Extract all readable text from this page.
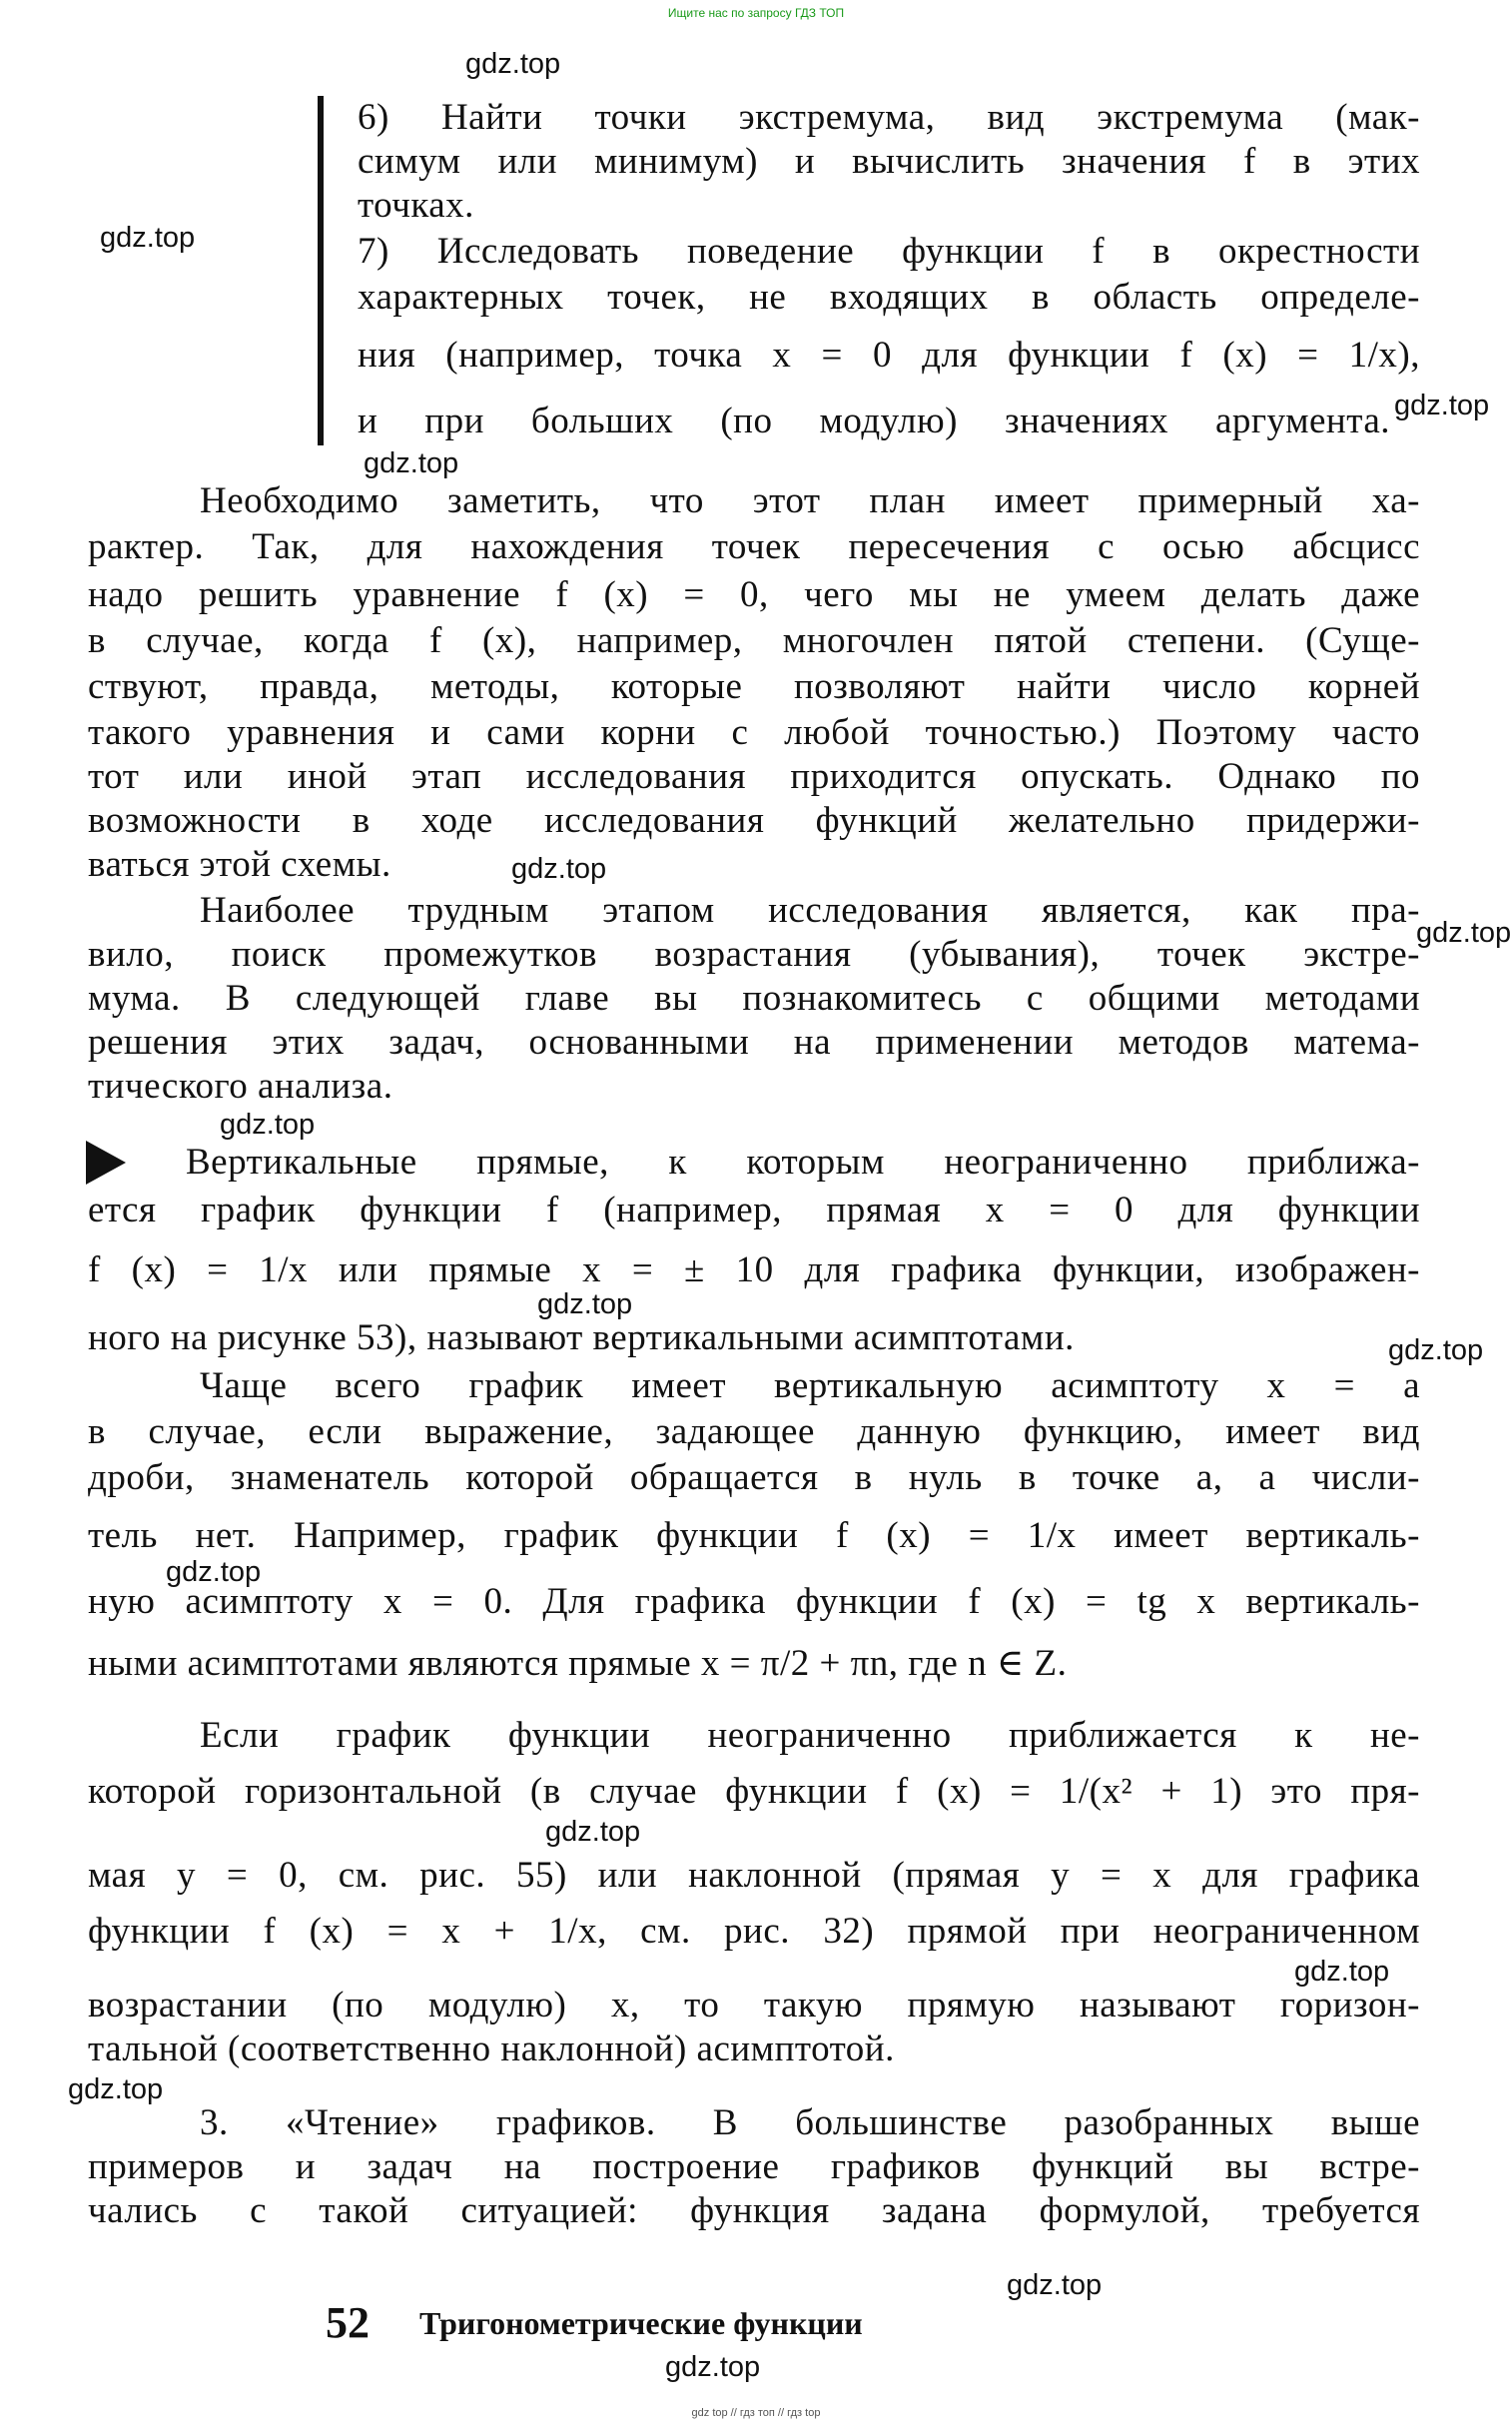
Ищите нас по запросу ГДЗ ТОП
gdz.top
gdz.top
gdz.top
gdz.top
gdz.top
gdz.top
gdz.top
gdz.top
gdz.top
gdz.top
gdz.top
gdz.top
gdz.top
gdz.top
gdz.top
6) Найти точки экстремума, вид экстремума (мак-
симум или минимум) и вычислить значения f в этих
точках.
7) Исследовать поведение функции f в окрестности
характерных точек, не входящих в область определе-
ния (например, точка x = 0 для функции f (x) = 1/x),
и при больших (по модулю) значениях аргумента.
Необходимо заметить, что этот план имеет примерный ха-
рактер. Так, для нахождения точек пересечения с осью абсцисс
надо решить уравнение f (x) = 0, чего мы не умеем делать даже
в случае, когда f (x), например, многочлен пятой степени. (Суще-
ствуют, правда, методы, которые позволяют найти число корней
такого уравнения и сами корни с любой точностью.) Поэтому часто
тот или иной этап исследования приходится опускать. Однако по
возможности в ходе исследования функций желательно придержи-
ваться этой схемы.
Наиболее трудным этапом исследования является, как пра-
вило, поиск промежутков возрастания (убывания), точек экстре-
мума. В следующей главе вы познакомитесь с общими методами
решения этих задач, основанными на применении методов матема-
тического анализа.
Вертикальные прямые, к которым неограниченно приближа-
ется график функции f (например, прямая x = 0 для функции
f (x) = 1/x или прямые x = ± 10 для графика функции, изображен-
ного на рисунке 53), называют вертикальными асимптотами.
Чаще всего график имеет вертикальную асимптоту x = a
в случае, если выражение, задающее данную функцию, имеет вид
дроби, знаменатель которой обращается в нуль в точке a, а числи-
тель нет. Например, график функции f (x) = 1/x имеет вертикаль-
ную асимптоту x = 0. Для графика функции f (x) = tg x вертикаль-
ными асимптотами являются прямые x = π/2 + πn, где n ∈ Z.
Если график функции неограниченно приближается к не-
которой горизонтальной (в случае функции f (x) = 1/(x² + 1) это пря-
мая y = 0, см. рис. 55) или наклонной (прямая y = x для графика
функции f (x) = x + 1/x, см. рис. 32) прямой при неограниченном
возрастании (по модулю) x, то такую прямую называют горизон-
тальной (соответственно наклонной) асимптотой.
3. «Чтение» графиков. В большинстве разобранных выше
примеров и задач на построение графиков функций вы встре-
чались с такой ситуацией: функция задана формулой, требуется
52 Тригонометрические функции
gdz top // гдз топ // гдз top
